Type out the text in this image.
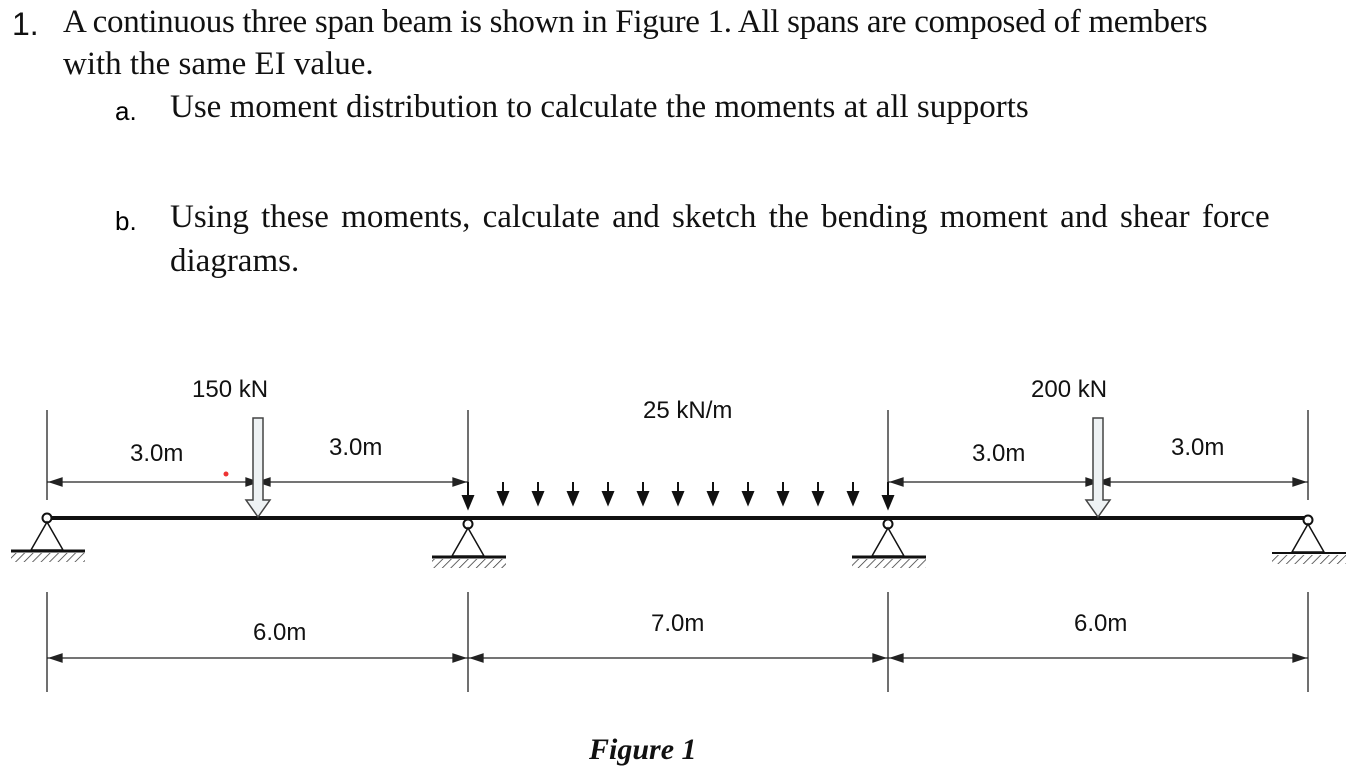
1. A continuous three span beam is shown in Figure 1. All spans are composed of members
with the same EI value.
a. Use moment distribution to calculate the moments at all supports
b. Using these moments, calculate and sketch the bending moment and shear force
diagrams.
150 kN	200 kN
25 kN/m
3.0m	3.0m	3.0m	3.0m
6.0m	7.0m	6.0m
Figure 1
